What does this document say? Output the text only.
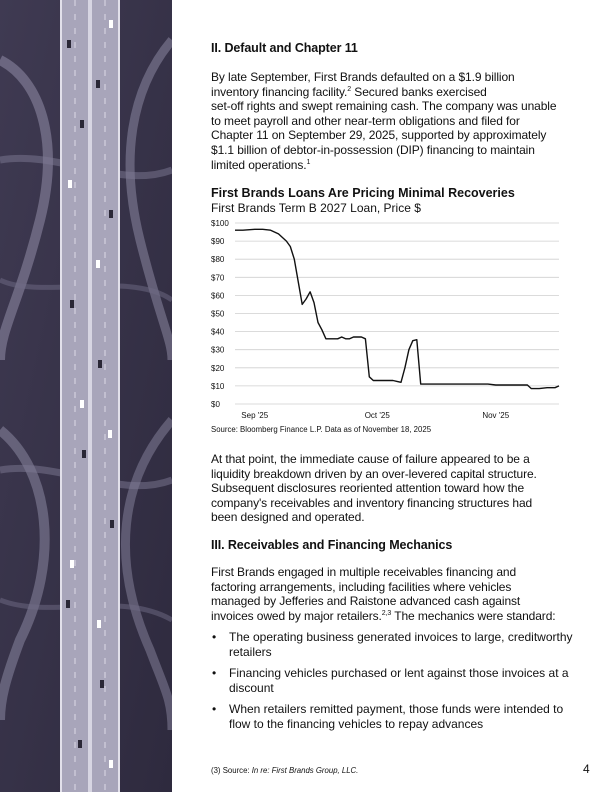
II. Default and Chapter 11
By late September, First Brands defaulted on a $1.9 billion
inventory financing facility.$^2$ Secured banks exercised
set-off rights and swept remaining cash. The company was unable
to meet payroll and other near-term obligations and filed for
Chapter 11 on September 29, 2025, supported by approximately
$1.1 billion of debtor-in-possession (DIP) financing to maintain
limited operations.$^1$
First Brands Loans Are Pricing Minimal Recoveries
First Brands Term B 2027 Loan, Price $
$100
$90
$80
$70
$60
$50
$40
$30
$20
$10
$0
Sep '25	Oct '25	Nov '25
Source: Bloomberg Finance L.P. Data as of November 18, 2025
At that point, the immediate cause of failure appeared to be a
liquidity breakdown driven by an over-levered capital structure.
Subsequent disclosures reoriented attention toward how the
company's receivables and inventory financing structures had
been designed and operated.
III. Receivables and Financing Mechanics
First Brands engaged in multiple receivables financing and
factoring arrangements, including facilities where vehicles
managed by Jefferies and Raistone advanced cash against
invoices owed by major retailers.$^{2,3}$ The mechanics were standard:
• The operating business generated invoices to large, creditworthy retailers
• Financing vehicles purchased or lent against those invoices at a discount
• When retailers remitted payment, those funds were intended to flow to the financing vehicles to repay advances
(3) Source: In re: First Brands Group, LLC.	4
